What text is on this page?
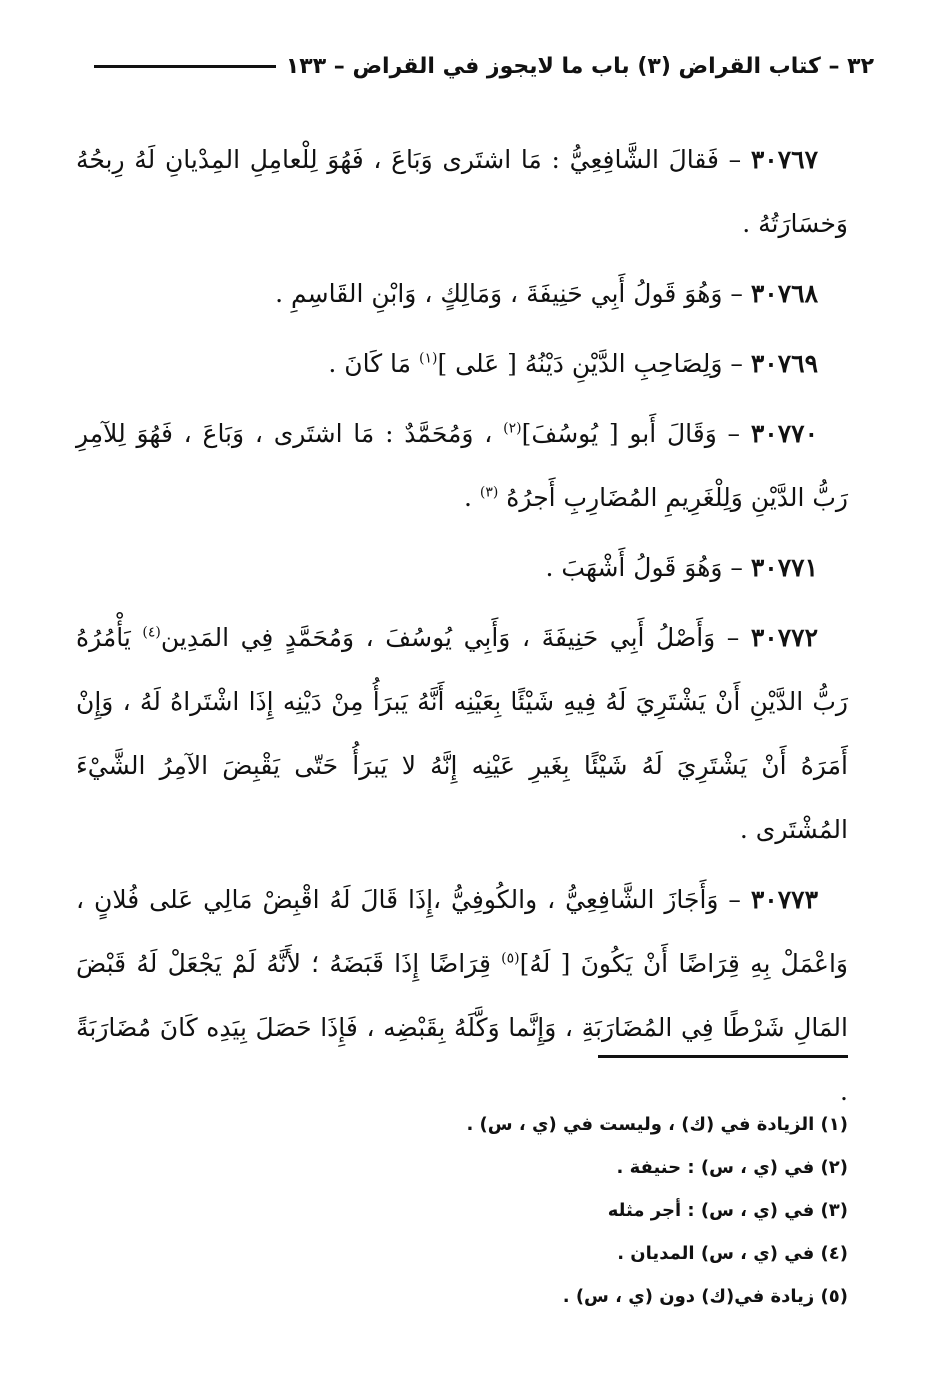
٣٢ – كتاب القراض (٣) باب ما لايجوز في القراض – ١٣٣

٣٠٧٦٧ – فَقالَ الشَّافِعِيُّ : مَا اشتَرى وَبَاعَ ، فَهُوَ لِلْعامِلِ المِدْيانِ لَهُ رِبحُهُ وَخسَارَتُهُ .

٣٠٧٦٨ – وَهُوَ قَولُ أَبِي حَنِيفَةَ ، وَمَالِكٍ ، وَابْنِ القَاسِمِ .

٣٠٧٦٩ – وَلِصَاحِبِ الدَّيْنِ دَيْنُهُ [ عَلى ]$^{(١)}$ مَا كَانَ .

٣٠٧٧٠ – وَقَالَ أَبو [ يُوسُفَ]$^{(٢)}$ ، وَمُحَمَّدٌ : مَا اشتَرى ، وَبَاعَ ، فَهُوَ لِلآمِرِ رَبُّ الدَّيْنِ وَلِلْغَرِيمِ المُضَارِبِ أَجرُهُ $^{(٣)}$ .

٣٠٧٧١ – وَهُوَ قَولُ أَشْهَبَ .

٣٠٧٧٢ – وَأَصْلُ أَبِي حَنِيفَةَ ، وَأَبِي يُوسُفَ ، وَمُحَمَّدٍ فِي المَدِين$^{(٤)}$ يَأْمُرُهُ رَبُّ الدَّيْنِ أَنْ يَشْتَرِيَ لَهُ فِيهِ شَيْئًا بِعَيْنِه أَنَّهُ يَبرَأُ مِنْ دَيْنِه إِذَا اشْتَراهُ لَهُ ، وَإِنْ أَمَرَهُ أَنْ يَشْتَرِيَ لَهُ شَيْئًا بِغَيرِ عَيْنِه إِنَّهُ لا يَبرَأُ حَتّى يَقْبِضَ الآمِرُ الشَّيْءَ المُشْتَرى .

٣٠٧٧٣ – وَأَجَازَ الشَّافِعِيُّ ، والكُوفِيُّ ،إِذَا قَالَ لَهُ اقْبِضْ مَالِي عَلى فُلانٍ ، وَاعْمَلْ بِهِ قِرَاضًا أَنْ يَكُونَ [ لَهُ]$^{(٥)}$ قِرَاضًا إِذَا قَبَضَهُ ؛ لأَنَّهُ لَمْ يَجْعَلْ لَهُ قَبْضَ المَالِ شَرْطًا فِي المُضَارَبَةِ ، وَإِنَّما وَكَّلَهُ بِقَبْضِه ، فَإِذَا حَصَلَ بِيَدِه كَانَ مُضَارَبَةً .

(١) الزيادة في (ك) ، وليست في (ي ، س) .
(٢) في (ي ، س) : حنيفة .
(٣) في (ي ، س) : أجر مثله
(٤) في (ي ، س) المديان .
(٥) زيادة في(ك) دون (ي ، س) .
